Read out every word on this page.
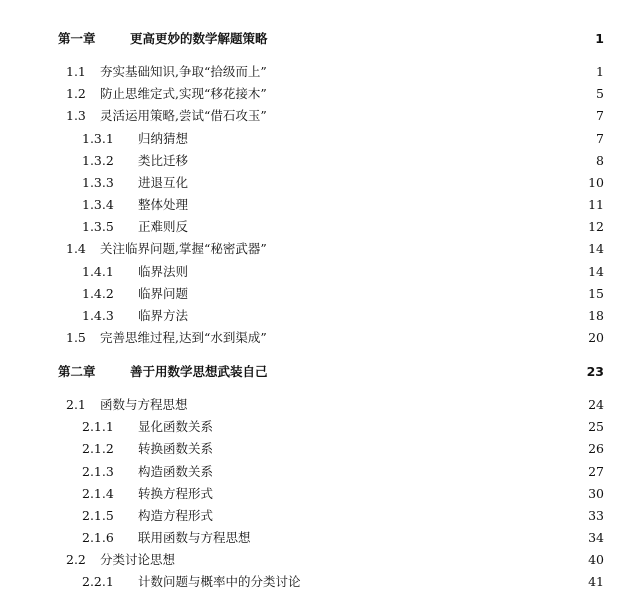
第一章	更高更妙的数学解题策略	1
1.1	夯实基础知识,争取“拾级而上”	1
1.2	防止思维定式,实现“移花接木”	5
1.3	灵活运用策略,尝试“借石攻玉”	7
1.3.1	归纳猜想	7
1.3.2	类比迁移	8
1.3.3	进退互化	10
1.3.4	整体处理	11
1.3.5	正难则反	12
1.4	关注临界问题,掌握“秘密武器”	14
1.4.1	临界法则	14
1.4.2	临界问题	15
1.4.3	临界方法	18
1.5	完善思维过程,达到“水到渠成”	20
第二章	善于用数学思想武装自己	23
2.1	函数与方程思想	24
2.1.1	显化函数关系	25
2.1.2	转换函数关系	26
2.1.3	构造函数关系	27
2.1.4	转换方程形式	30
2.1.5	构造方程形式	33
2.1.6	联用函数与方程思想	34
2.2	分类讨论思想	40
2.2.1	计数问题与概率中的分类讨论	41
